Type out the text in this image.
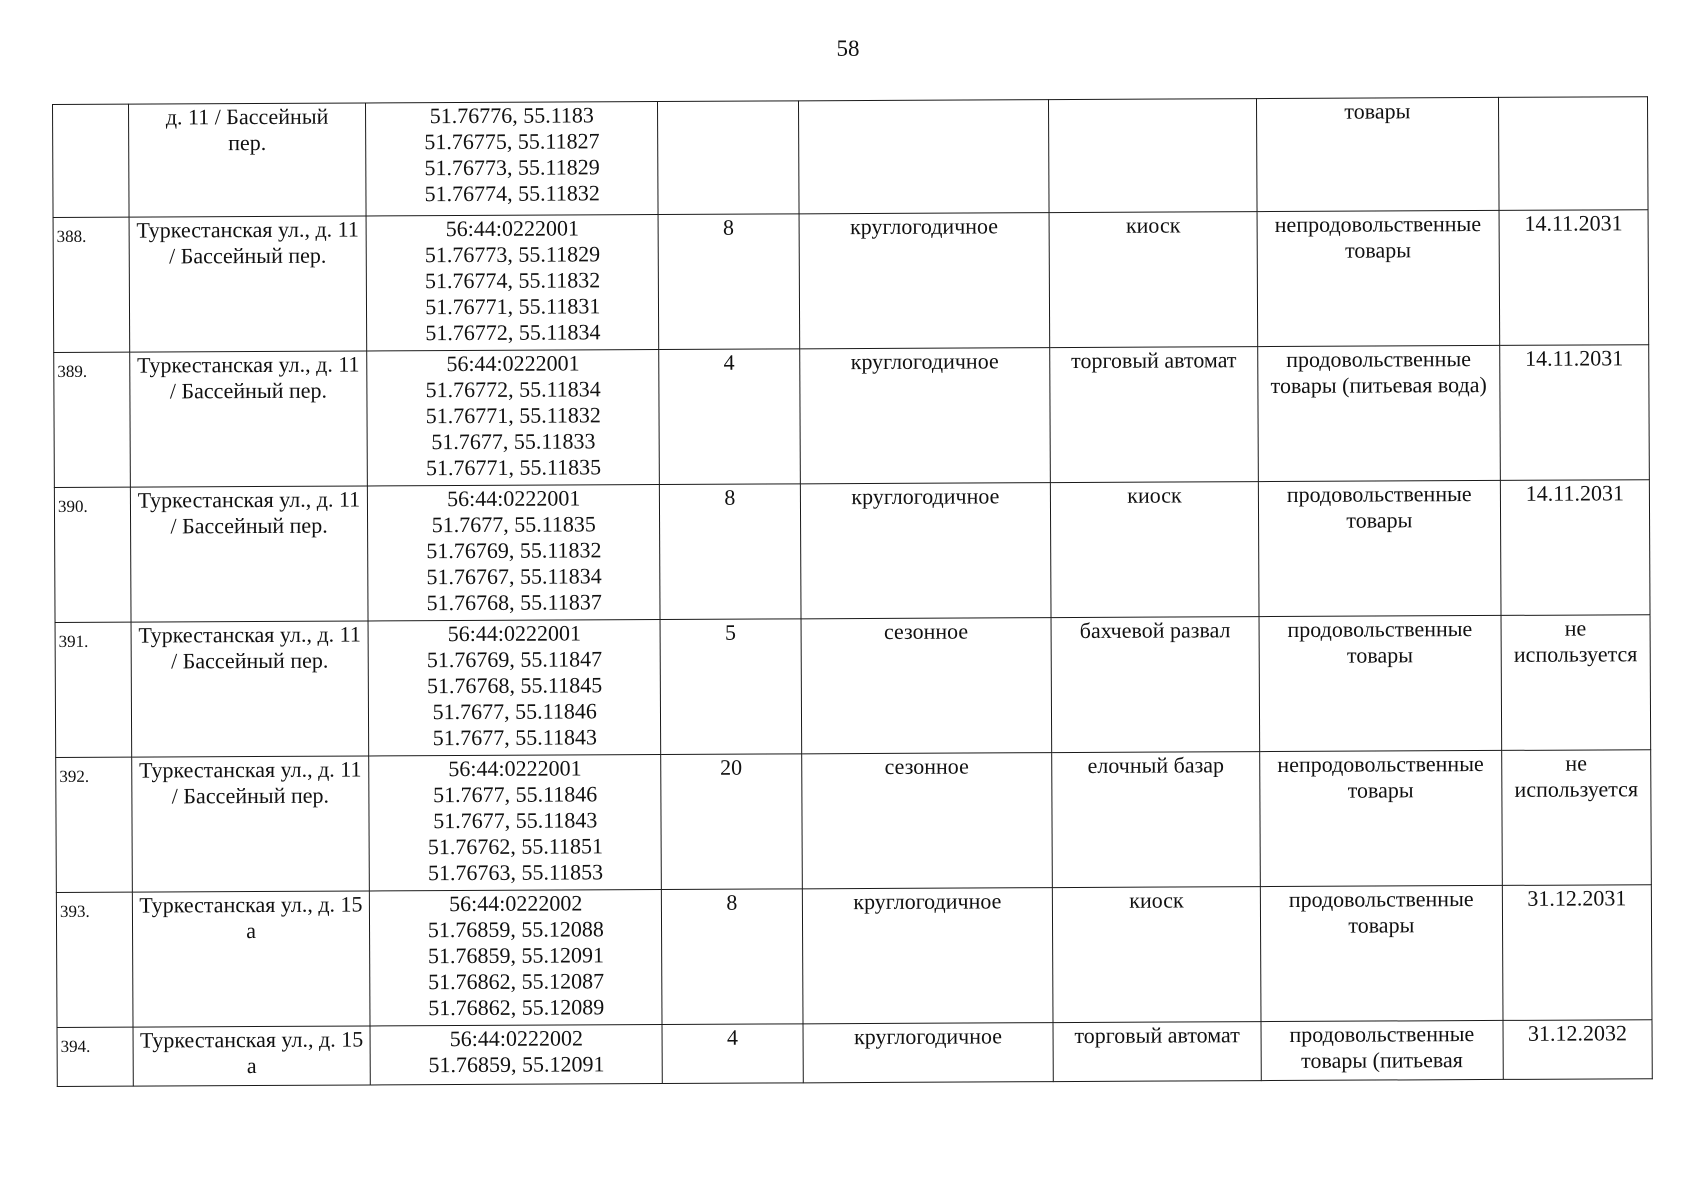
58

	д. 11 / Бассейный
пер.	51.76776, 55.1183
51.76775, 55.11827
51.76773, 55.11829
51.76774, 55.11832				товары	
388.	Туркестанская ул., д. 11 / Бассейный пер.	56:44:0222001
51.76773, 55.11829
51.76774, 55.11832
51.76771, 55.11831
51.76772, 55.11834	8	круглогодичное	киоск	непродовольственные товары	14.11.2031
389.	Туркестанская ул., д. 11 / Бассейный пер.	56:44:0222001
51.76772, 55.11834
51.76771, 55.11832
51.7677, 55.11833
51.76771, 55.11835	4	круглогодичное	торговый автомат	продовольственные товары (питьевая вода)	14.11.2031
390.	Туркестанская ул., д. 11 / Бассейный пер.	56:44:0222001
51.7677, 55.11835
51.76769, 55.11832
51.76767, 55.11834
51.76768, 55.11837	8	круглогодичное	киоск	продовольственные товары	14.11.2031
391.	Туркестанская ул., д. 11 / Бассейный пер.	56:44:0222001
51.76769, 55.11847
51.76768, 55.11845
51.7677, 55.11846
51.7677, 55.11843	5	сезонное	бахчевой развал	продовольственные товары	не используется
392.	Туркестанская ул., д. 11 / Бассейный пер.	56:44:0222001
51.7677, 55.11846
51.7677, 55.11843
51.76762, 55.11851
51.76763, 55.11853	20	сезонное	елочный базар	непродовольственные товары	не используется
393.	Туркестанская ул., д. 15 а	56:44:0222002
51.76859, 55.12088
51.76859, 55.12091
51.76862, 55.12087
51.76862, 55.12089	8	круглогодичное	киоск	продовольственные товары	31.12.2031
394.	Туркестанская ул., д. 15 а	56:44:0222002
51.76859, 55.12091	4	круглогодичное	торговый автомат	продовольственные товары (питьевая	31.12.2032
